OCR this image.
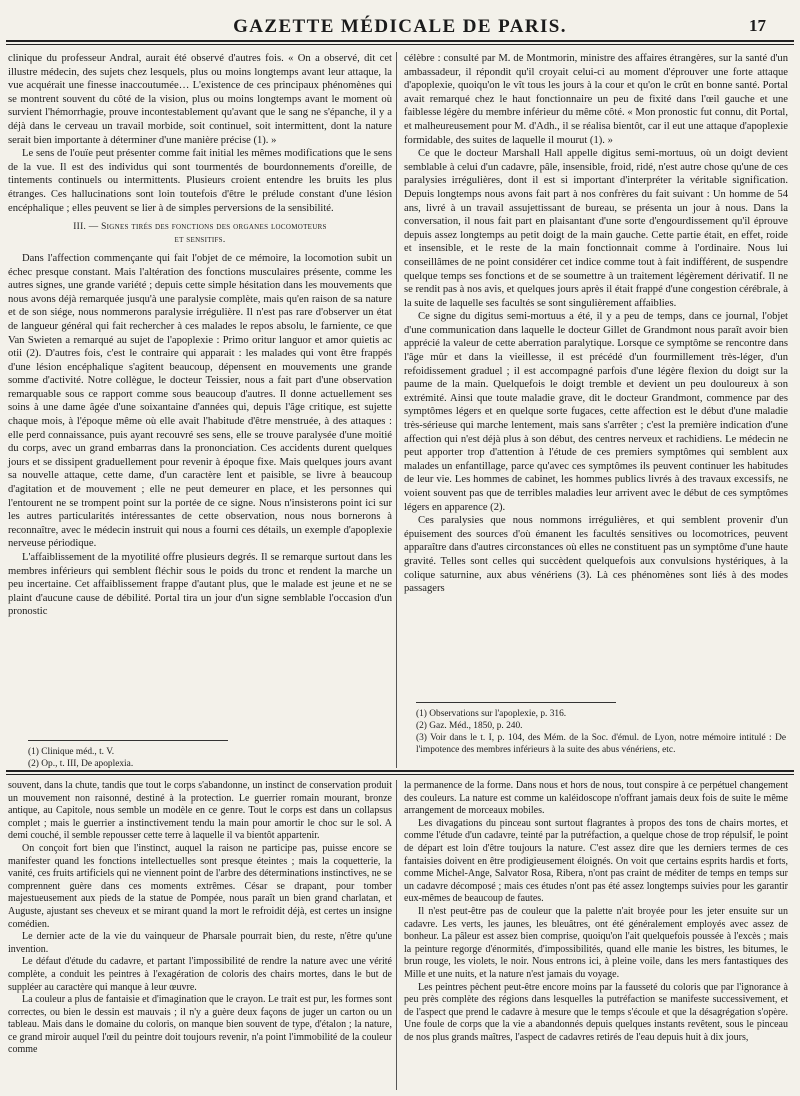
GAZETTE MÉDICALE DE PARIS.	17

clinique du professeur Andral, aurait été observé d'autres fois. « On a observé, dit cet illustre médecin, des sujets chez lesquels, plus ou moins longtemps avant leur attaque, la vue acquérait une finesse inaccoutumée… L'existence de ces principaux phénomènes qui se montrent souvent du côté de la vision, plus ou moins longtemps avant le moment où survient l'hémorrhagie, prouve incontestablement qu'avant que le sang ne s'épanche, il y a déjà dans le cerveau un travail morbide, soit continuel, soit intermittent, dont la nature serait bien importante à déterminer d'une manière précise (1). »

Le sens de l'ouïe peut présenter comme fait initial les mêmes modifications que le sens de la vue. Il est des individus qui sont tourmentés de bourdonnements d'oreille, de tintements continuels ou intermittents. Plusieurs croient entendre les bruits les plus étranges. Ces hallucinations sont loin toutefois d'être le prélude constant d'une lésion encéphalique ; elles peuvent se lier à de simples perversions de la sensibilité.

III. — Signes tirés des fonctions des organes locomoteurs
et sensitifs.

Dans l'affection commençante qui fait l'objet de ce mémoire, la locomotion subit un échec presque constant. Mais l'altération des fonctions musculaires présente, comme les autres signes, une grande variété ; depuis cette simple hésitation dans les mouvements que nous avons déjà remarquée jusqu'à une paralysie complète, mais qu'en raison de sa nature et de son siége, nous nommerons paralysie irrégulière. Il n'est pas rare d'observer un état de langueur général qui fait rechercher à ces malades le repos absolu, le farniente, ce que Van Swieten a remarqué au sujet de l'apoplexie : Primo oritur languor et amor quietis ac otii (2). D'autres fois, c'est le contraire qui apparait : les malades qui vont être frappés d'une lésion encéphalique s'agitent beaucoup, dépensent en mouvements une grande somme d'activité. Notre collègue, le docteur Teissier, nous a fait part d'une observation remarquable sous ce rapport comme sous beaucoup d'autres. Il donne actuellement ses soins à une dame âgée d'une soixantaine d'années qui, depuis l'âge critique, est sujette chaque mois, à l'époque même où elle avait l'habitude d'être menstruée, à des attaques : elle perd connaissance, puis ayant recouvré ses sens, elle se trouve paralysée d'une moitié du corps, avec un grand embarras dans la prononciation. Ces accidents durent quelques jours et se dissipent graduellement pour revenir à époque fixe. Mais quelques jours avant sa nouvelle attaque, cette dame, d'un caractère lent et paisible, se livre à beaucoup d'agitation et de mouvement ; elle ne peut demeurer en place, et les personnes qui l'entourent ne se trompent point sur la portée de ce signe. Nous n'insisterons point ici sur les autres particularités intéressantes de cette observation, nous nous bornerons à reconnaître, avec le médecin instruit qui nous a fourni ces détails, un exemple d'apoplexie nerveuse périodique.

L'affaiblissement de la myotilité offre plusieurs degrés. Il se remarque surtout dans les membres inférieurs qui semblent fléchir sous le poids du tronc et rendent la marche un peu incertaine. Cet affaiblissement frappe d'autant plus, que le malade est jeune et ne se plaint d'aucune cause de débilité. Portal tira un jour d'un signe semblable l'occasion d'un pronostic

(1) Clinique méd., t. V.

(2) Op., t. III, De apoplexia.

célèbre : consulté par M. de Montmorin, ministre des affaires étrangères, sur la santé d'un ambassadeur, il répondit qu'il croyait celui-ci au moment d'éprouver une forte attaque d'apoplexie, quoiqu'on le vît tous les jours à la cour et qu'on le crût en bonne santé. Portal avait remarqué chez le haut fonctionnaire un peu de fixité dans l'œil gauche et une faiblesse légère du membre inférieur du même côté. « Mon pronostic fut connu, dit Portal, et malheureusement pour M. d'Adh., il se réalisa bientôt, car il eut une attaque d'apoplexie formidable, des suites de laquelle il mourut (1). »

Ce que le docteur Marshall Hall appelle digitus semi-mortuus, où un doigt devient semblable à celui d'un cadavre, pâle, insensible, froid, ridé, n'est autre chose qu'une de ces paralysies irrégulières, dont il est si important d'interpréter la véritable signification. Depuis longtemps nous avons fait part à nos confrères du fait suivant : Un homme de 54 ans, livré à un travail assujettissant de bureau, se présenta un jour à nous. Dans la conversation, il nous fait part en plaisantant d'une sorte d'engourdissement qu'il éprouve depuis assez longtemps au petit doigt de la main gauche. Cette partie était, en effet, roide et insensible, et le reste de la main fonctionnait comme à l'ordinaire. Nous lui conseillâmes de ne point considérer cet indice comme tout à fait indifférent, de suspendre quelque temps ses fonctions et de se soumettre à un traitement légèrement dérivatif. Il ne se rendit pas à nos avis, et quelques jours après il était frappé d'une congestion cérébrale, à la suite de laquelle ses facultés se sont singulièrement affaiblies.

Ce signe du digitus semi-mortuus a été, il y a peu de temps, dans ce journal, l'objet d'une communication dans laquelle le docteur Gillet de Grandmont nous paraît avoir bien apprécié la valeur de cette aberration paralytique. Lorsque ce symptôme se rencontre dans l'âge mûr et dans la vieillesse, il est précédé d'un fourmillement très-léger, d'un refoidissement graduel ; il est accompagné parfois d'une légère flexion du doigt sur la paume de la main. Quelquefois le doigt tremble et devient un peu douloureux à son extrémité. Ainsi que toute maladie grave, dit le docteur Grandmont, commence par des symptômes légers et en quelque sorte fugaces, cette affection est le début d'une maladie très-sérieuse qui marche lentement, mais sans s'arrêter ; c'est la première indication d'une affection qui n'est déjà plus à son début, des centres nerveux et rachidiens. Le médecin ne peut apporter trop d'attention à l'étude de ces premiers symptômes qui semblent aux malades un enfantillage, parce qu'avec ces symptômes ils peuvent continuer les habitudes de leur vie. Les hommes de cabinet, les hommes publics livrés à des travaux excessifs, ne voient souvent pas que de terribles maladies leur arrivent avec le début de ces symptômes légers en apparence (2).

Ces paralysies que nous nommons irrégulières, et qui semblent provenir d'un épuisement des sources d'où émanent les facultés sensitives ou locomotrices, peuvent apparaître dans d'autres circonstances où elles ne constituent pas un symptôme d'une haute gravité. Telles sont celles qui succèdent quelquefois aux convulsions hystériques, à la colique saturnine, aux abus vénériens (3). Là ces phénomènes sont liés à des modes passagers

(1) Observations sur l'apoplexie, p. 316.

(2) Gaz. Méd., 1850, p. 240.

(3) Voir dans le t. I, p. 104, des Mém. de la Soc. d'émul. de Lyon, notre mémoire intitulé : De l'impotence des membres inférieurs à la suite des abus vénériens, etc.

souvent, dans la chute, tandis que tout le corps s'abandonne, un instinct de conservation produit un mouvement non raisonné, destiné à la protection. Le guerrier romain mourant, bronze antique, au Capitole, nous semble un modèle en ce genre. Tout le corps est dans un collapsus complet ; mais le guerrier a instinctivement tendu la main pour amortir le choc sur le sol. A demi couché, il semble repousser cette terre à laquelle il va bientôt appartenir.

On conçoit fort bien que l'instinct, auquel la raison ne participe pas, puisse encore se manifester quand les fonctions intellectuelles sont presque éteintes ; mais la coquetterie, la vanité, ces fruits artificiels qui ne viennent point de l'arbre des déterminations instinctives, ne se comprennent guère dans ces moments extrêmes. César se drapant, pour tomber majestueusement aux pieds de la statue de Pompée, nous paraît un bien grand charlatan, et Auguste, ajustant ses cheveux et se mirant quand la mort le refroidit déjà, est certes un insigne comédien.

Le dernier acte de la vie du vainqueur de Pharsale pourrait bien, du reste, n'être qu'une invention.

Le défaut d'étude du cadavre, et partant l'impossibilité de rendre la nature avec une vérité complète, a conduit les peintres à l'exagération de coloris des chairs mortes, dans le but de suppléer au caractère qui manque à leur œuvre.

La couleur a plus de fantaisie et d'imagination que le crayon. Le trait est pur, les formes sont correctes, ou bien le dessin est mauvais ; il n'y a guère deux façons de juger un carton ou un tableau. Mais dans le domaine du coloris, on manque bien souvent de type, d'étalon ; la nature, ce grand miroir auquel l'œil du peintre doit toujours revenir, n'a point l'immobilité de la couleur comme

la permanence de la forme. Dans nous et hors de nous, tout conspire à ce perpétuel changement des couleurs. La nature est comme un kaléidoscope n'offrant jamais deux fois de suite le même arrangement de morceaux mobiles.

Les divagations du pinceau sont surtout flagrantes à propos des tons de chairs mortes, et comme l'étude d'un cadavre, teinté par la putréfaction, a quelque chose de trop répulsif, le point de départ est loin d'être toujours la nature. C'est assez dire que les derniers termes de ces fantaisies doivent en être prodigieusement éloignés. On voit que certains esprits hardis et forts, comme Michel-Ange, Salvator Rosa, Ribera, n'ont pas craint de méditer de temps en temps sur un cadavre décomposé ; mais ces études n'ont pas été assez longtemps suivies pour les garantir eux-mêmes de beaucoup de fautes.

Il n'est peut-être pas de couleur que la palette n'ait broyée pour les jeter ensuite sur un cadavre. Les verts, les jaunes, les bleuâtres, ont été généralement employés avec assez de bonheur. La pâleur est assez bien comprise, quoiqu'on l'ait quelquefois poussée à l'excès ; mais la peinture regorge d'énormités, d'impossibilités, quand elle manie les bistres, les bitumes, le brun rouge, les violets, le noir. Nous entrons ici, à pleine voile, dans les mers fantastiques des Mille et une nuits, et la nature n'est jamais du voyage.

Les peintres pèchent peut-être encore moins par la fausseté du coloris que par l'ignorance à peu près complète des régions dans lesquelles la putréfaction se manifeste successivement, et de l'aspect que prend le cadavre à mesure que le temps s'écoule et que la désagrégation s'opère. Une foule de corps que la vie a abandonnés depuis quelques instants revêtent, sous le pinceau de nos plus grands maîtres, l'aspect de cadavres retirés de l'eau depuis huit à dix jours,
